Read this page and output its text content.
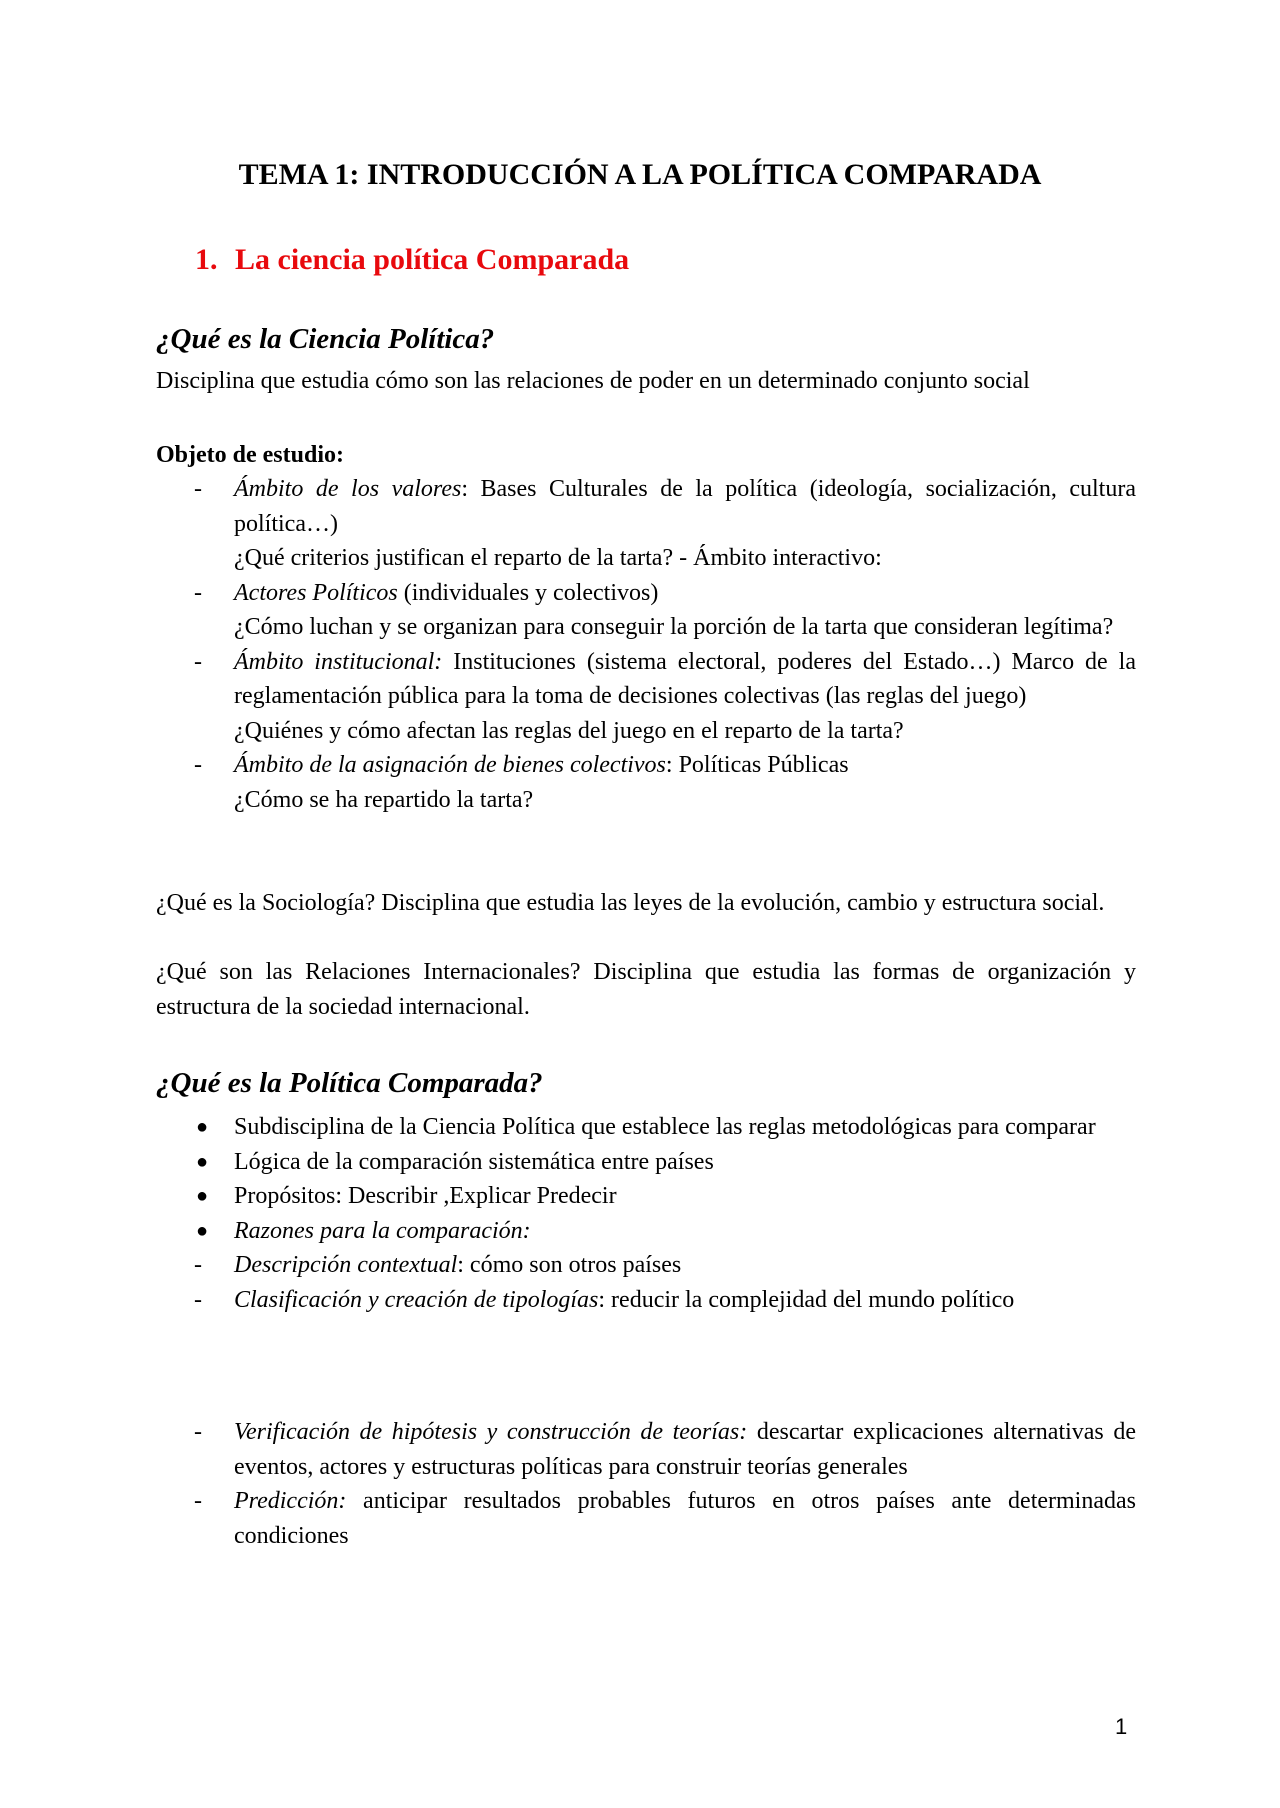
TEMA 1: INTRODUCCIÓN A LA POLÍTICA COMPARADA
1. La ciencia política Comparada
¿Qué es la Ciencia Política?

Disciplina que estudia cómo son las relaciones de poder en un determinado conjunto social

Objeto de estudio:

- Ámbito de los valores: Bases Culturales de la política (ideología, socialización, cultura política…)
¿Qué criterios justifican el reparto de la tarta? - Ámbito interactivo:
- Actores Políticos (individuales y colectivos)
¿Cómo luchan y se organizan para conseguir la porción de la tarta que consideran legítima?
- Ámbito institucional: Instituciones (sistema electoral, poderes del Estado…) Marco de la reglamentación pública para la toma de decisiones colectivas (las reglas del juego)
¿Quiénes y cómo afectan las reglas del juego en el reparto de la tarta?
- Ámbito de la asignación de bienes colectivos: Políticas Públicas
¿Cómo se ha repartido la tarta?

¿Qué es la Sociología? Disciplina que estudia las leyes de la evolución, cambio y estructura social.

¿Qué son las Relaciones Internacionales? Disciplina que estudia las formas de organización y estructura de la sociedad internacional.

¿Qué es la Política Comparada?
● Subdisciplina de la Ciencia Política que establece las reglas metodológicas para comparar
● Lógica de la comparación sistemática entre países
● Propósitos: Describir ,Explicar Predecir
● Razones para la comparación:
- Descripción contextual: cómo son otros países
- Clasificación y creación de tipologías: reducir la complejidad del mundo político
- Verificación de hipótesis y construcción de teorías: descartar explicaciones alternativas de eventos, actores y estructuras políticas para construir teorías generales
- Predicción: anticipar resultados probables futuros en otros países ante determinadas condiciones

1
